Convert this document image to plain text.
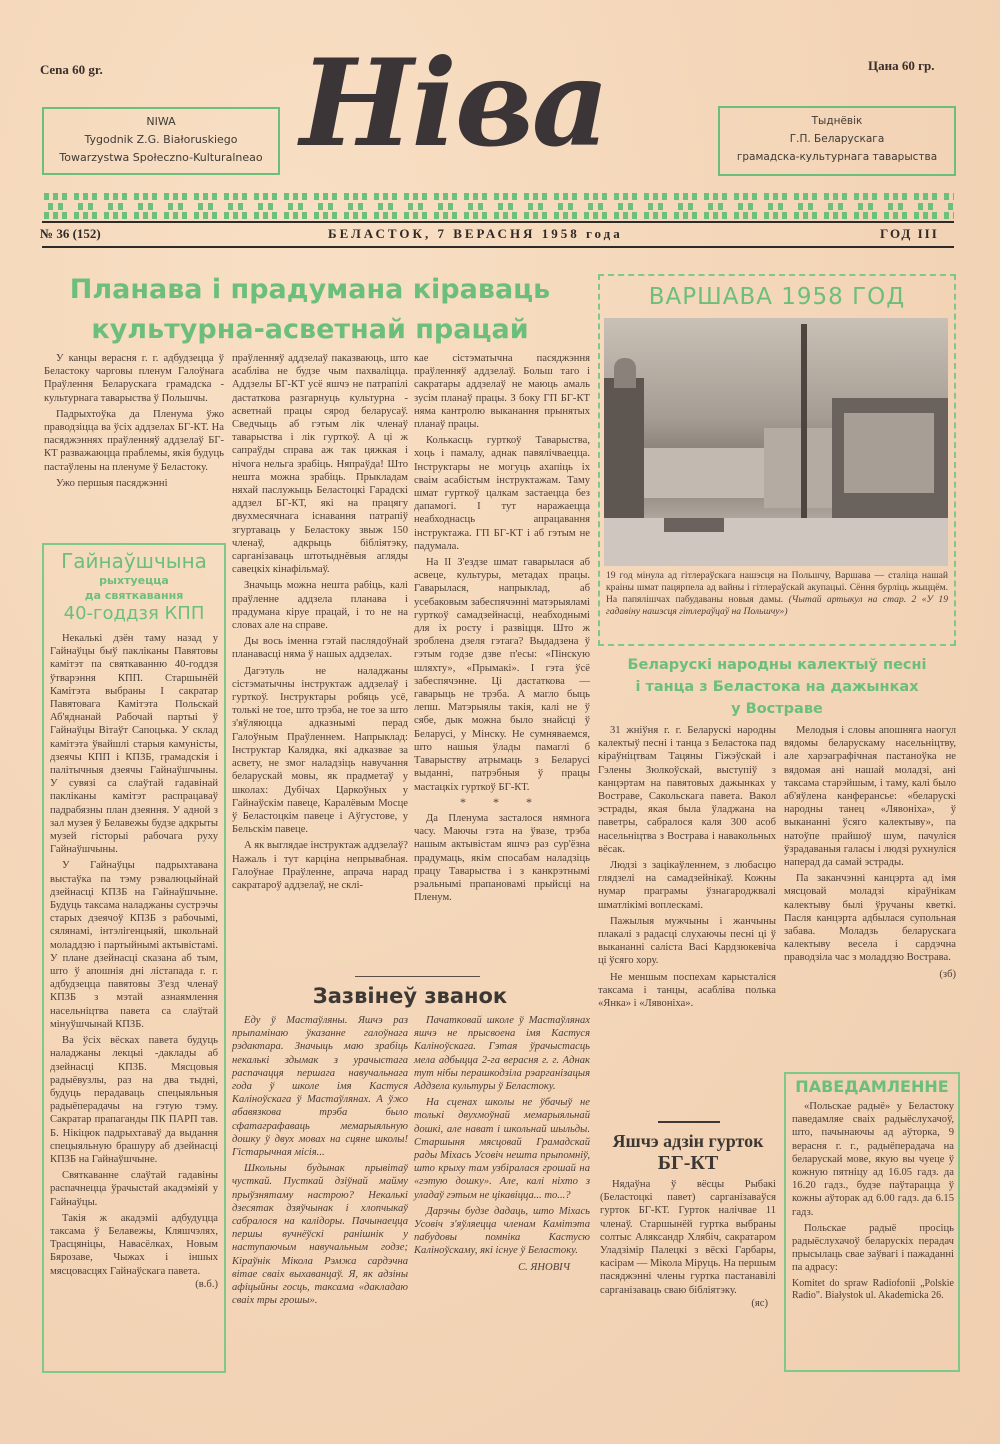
Cena 60 gr.	Цана 60 гр.
Ніва
NIWA
Tygodnik Z.G. Białoruskiego
Towarzystwa Społeczno-Kulturalneao
Тыднёвік
Г.П. Беларускага
грамадска-культурнага таварыства
№ 36 (152)	БЕЛАСТОК, 7 ВЕРАСНЯ 1958 года	ГОД III
Планава і прадумана кіраваць
культурна-асветнай працай

У канцы верасня г. г. адбудзецца ў Беластоку чарговы пленум Галоўнага Праўлення Беларускага грамадска - культурнага таварыства ў Польшчы.

Падрыхтоўка да Пленума ўжо праводзіцца ва ўсіх аддзелах БГ-КТ. На пасяджэннях праўленняў аддзелаў БГ-КТ разважаюцца праблемы, якія будуць пастаўлены на пленуме ў Беластоку.

Ужо першыя пасяджэнні

Гайнаўшчына
рыхтуецца
да святкавання
40-годдзя КПП

Некалькі дзён таму назад у Гайнаўцы быў пакліканы Павятовы камітэт па святкаванню 40-годдзя ўтварэння КПП. Старшынёй Камітэта выбраны І сакратар Павятовага Камітэта Польскай Аб'яднанай Рабочай партыі ў Гайнаўцы Вітаўт Сапоцька. У склад камітэта ўвайшлі старыя камуністы, дзеячы КПП і КПЗБ, грамадскія і палітычныя дзеячы Гайнаўшчыны. У сувязі са слаўтай гадавінай пакліканы камітэт распрацаваў падрабязны план дзеяння. У адной з зал музея ў Белавежы будзе адкрыты музей гісторыі рабочага руху Гайнаўшчыны.

У Гайнаўцы падрыхтавана выстаўка па тэму рэвалюцыйнай дзейнасці КПЗБ на Гайнаўшчыне. Будуць таксама наладжаны сустрэчы старых дзеячоў КПЗБ з рабочымі, сялянамі, інтэлігенцыяй, школьнай моладдзю і партыйнымі актывістамі. У плане дзейнасці сказана аб тым, што ў апошнія дні лістапада г. г. адбудзецца павятовы З'езд членаў КПЗБ з мэтай азнаямлення насельніцтва павета са слаўтай мінуўшчынай КПЗБ.

Ва ўсіх вёсках павета будуць наладжаны лекцыі -даклады аб дзейнасці КПЗБ. Мясцовыя радыёвузлы, раз на два тыдні, будуць перадаваць спецыяльныя радыёперадачы на гэтую тэму. Сакратар прапаганды ПК ПАРП тав. Б. Нікіцюк падрыхтаваў да выдання спецыяльную брашуру аб дзейнасці КПЗБ на Гайнаўшчыне.

Святкаванне слаўтай гадавіны распачнецца ўрачыстай акадэміяй у Гайнаўцы.

Такія ж акадэміі адбудуцца таксама ў Белавежы, Кляшчэлях, Трасцяніцы, Навасёлках, Новым Бярозаве, Чыжах і іншых мясцовасцях Гайнаўскага павета.

(в.б.)

праўленняў аддзелаў паказваюць, што асабліва не будзе чым пахваліцца. Аддзелы БГ-КТ усё яшчэ не патрапілі дастаткова разгарнуць культурна - асветнай працы сярод беларусаў. Сведчыць аб гэтым лік членаў таварыства і лік гурткоў. А ці ж сапраўды справа аж так цяжкая і нічога нельга зрабіць. Няпраўда! Што нешта можна зрабіць. Прыкладам няхай паслужыць Беластоцкі Гарадскі аддзел БГ-КТ, які на працягу двухмесячнага існавання патрапіў згуртаваць у Беластоку звыж 150 членаў, адкрыць бібліятэку, сарганізаваць штотыднёвыя агляды савецкіх кінафільмаў.

Значыць можна нешта рабіць, калі праўленне аддзела планава і прадумана кіруе працай, і то не на словах але на справе.

Ды вось іменна гэтай паслядоўнай планавасці няма ў нашых аддзелах.

Дагэтуль не наладжаны сістэматычны інструктаж аддзелаў і гурткоў. Інструктары робяць усё, толькі не тое, што трэба, не тое за што з'яўляюцца адказнымі перад Галоўным Праўленнем. Напрыклад: Інструктар Калядка, які адказвае за асвету, не змог наладзіць навучання беларускай мовы, як прадметаў у школах: Дубічах Царкоўных у Гайнаўскім павеце, Каралёвым Мосце ў Беластоцкім павеце і Аўгустове, у Бельскім павеце.

А як выглядае інструктаж аддзелаў? Нажаль і тут карціна непрывабная. Галоўнае Праўленне, апрача нарад сакратароў аддзелаў, не склі-

кае сістэматычна пасяджэння праўленняў аддзелаў. Больш таго і сакратары аддзелаў не маюць амаль зусім планаў працы. З боку ГП БГ-КТ няма кантролю выканання прынятых планаў працы.

Колькасць гурткоў Таварыства, хоць і памалу, аднак павялічваецца. Інструктары не могуць ахапіць іх сваім асабістым інструктажам. Таму шмат гурткоў цалкам застаецца без дапамогі. І тут наражаецца неабходнасць апрацавання інструктажа. ГП БГ-КТ і аб гэтым не падумала.

На II З'ездзе шмат гаварылася аб асвеце, культуры, метадах працы. Гаварылася, напрыклад, аб усебаковым забеспячэнні матэрыяламі гурткоў самадзейнасці, неабходнымі для іх росту і развіцця. Што ж зроблена дзеля гэтага? Выдадзена ў гэтым годзе дзве п'есы: «Пінскую шляхту», «Прымакі». І гэта ўсё забеспячэнне. Ці дастаткова — гаварыць не трэба. А магло быць лепш. Матэрыялы такія, калі не ў сябе, дык можна было знайсці ў Беларусі, у Мінску. Не сумняваемся, што нашыя ўлады памаглі б Таварыству атрымаць з Беларусі выданні, патрэбныя ў працы мастацкіх гурткоў БГ-КТ.

* * *

Да Пленума засталося нямнога часу. Маючы гэта на ўвазе, трэба нашым актывістам яшчэ раз сур'ёзна прадумаць, якім спосабам наладзіць працу Таварыства і з канкрэтнымі рэальнымі прапановамі прыйсці на Пленум.

Зазвінеў званок

Еду ў Мастаўляны. Яшчэ раз прыпамінаю ўказанне галоўнага рэдактара. Значыць маю зрабіць некалькі здымак з урачыстага распачацця першага навучальнага года ў школе імя Кастуся Каліноўскага ў Мастаўлянах. А ўжо абавязкова трэба было сфатаграфаваць мемарыяльную дошку ў двух мовах на сцяне школы! Гістарычная місія...

Школьны будынак прывітаў чусткай. Пусткай дзіўнай майму прыўзнятаму настрою? Некалькі дзесятак дзяўчынак і хлопчыкаў сабралося на калідоры. Пачынаецца першы вучнёўскі ранішнік у наступаючым навучальным годзе; Кіраўнік Мікола Рэмжа сардэчна вітае сваіх выхаванцаў. Я, як адзіны афіцыйны госць, таксама «дакладаю сваіх тры грошы».

Пачатковай школе ў Мастаўлянах яшчэ не прысвоена імя Кастуся Каліноўскага. Гэтая ўрачыстасць мела адбыцца 2-га верасня г. г. Аднак тут нібы перашкодзіла рэарганізацыя Аддзела культуры ў Беластоку.

На сценах школы не ўбачыў не толькі двухмоўнай мемарыяльнай дошкі, але нават і школьнай шыльды. Старшыня мясцовай Грамадскай рады Міхась Усовіч нешта прыпомніў, што крыху там узбіралася грошай на «гэтую дошку». Але, калі ніхто з уладаў гэтым не цікавіцца... то...?

Дарэчы будзе дадаць, што Міхась Усовіч з'яўляецца членам Камітэта пабудовы помніка Кастусю Каліноўскаму, які існуе ў Беластоку.

С. ЯНОВІЧ
ВАРШАВА 1958 ГОД
19 год мінула ад гітлераўскага нашэсця на Польшчу, Варшава — сталіца нашай краіны шмат пацярпела ад вайны і гітлераўскай акупацыі. Сёння бурліць жыццём. На папялішчах пабудаваны новыя дамы. (Чытай артыкул на стар. 2 «У 19 гадавіну нашэсця гітлераўцаў на Польшчу»)
Беларускі народны калектыў песні
і танца з Беластока на дажынках
у Востраве

31 жніўня г. г. Беларускі народны калектыў песні і танца з Беластока пад кіраўніцтвам Тацяны Гіжэўскай і Гэлены Зюлкоўскай, выступіў з канцэртам на павятовых дажынках у Востраве, Сакольскага павета. Вакол эстрады, якая была ўладжана на паветры, сабралося каля 300 асоб насельніцтва з Вострава і навакольных вёсак.

Людзі з зацікаўленнем, з любасцю глядзелі на самадзейнікаў. Кожны нумар праграмы ўзнагароджвалі шматлікімі воплескамі.

Пажылыя мужчыны і жанчыны плакалі з радасці слухаючы песні ці ў выкананні саліста Васі Кардзюкевіча ці ўсяго хору.

Не меншым поспехам карысталіся таксама і танцы, асабліва полька «Янка» і «Лявоніха».

Мелодыя і словы апошняга наогул вядомы беларускаму насельніцтву, але харэаграфічная пастаноўка не вядомая ані нашай моладзі, ані таксама старэйшым, і таму, калі было аб'яўлена канферансье: «беларускі народны танец «Лявоніха», ў выкананні ўсяго калектыву», па натоўпе прайшоў шум, пачуліся ўзрадаваныя галасы і людзі рухнуліся наперад да самай эстрады.

Па заканчэнні канцэрта ад імя мясцовай моладзі кіраўнікам калектыву былі ўручаны кветкі. Пасля канцэрта адбылася супольная забава. Моладзь беларускага калектыву весела і сардэчна праводзіла час з моладдзю Вострава.

(зб)
Яшчэ адзін гурток
БГ-КТ

Нядаўна ў вёсцы Рыбакі (Беластоцкі павет) сарганізаваўся гурток БГ-КТ. Гурток налічвае 11 членаў. Старшынёй гуртка выбраны солтыс Аляксандр Хлябіч, сакратаром Уладзімір Палецкі з вёскі Гарбары, касірам — Мікола Міруць. На першым пасяджэнні члены гуртка пастанавілі сарганізаваць сваю бібліятэку.

(яс)
ПАВЕДАМЛЕННЕ

«Польскае радыё» у Беластоку паведамляе сваіх радыёслухачоў, што, пачынаючы ад аўторка, 9 верасня г. г., радыёперадача на беларускай мове, якую вы чуеце ў кожную пятніцу ад 16.05 гадз. да 16.20 гадз., будзе паўтарацца ў кожны аўторак ад 6.00 гадз. да 6.15 гадз.

Польскае радыё просіць радыёслухачоў беларускіх перадач прысылаць свае заўвагі і пажаданні па адрасу:

Komitet do spraw Radiofonii „Polskie Radio". Białystok ul. Akademicka 26.
